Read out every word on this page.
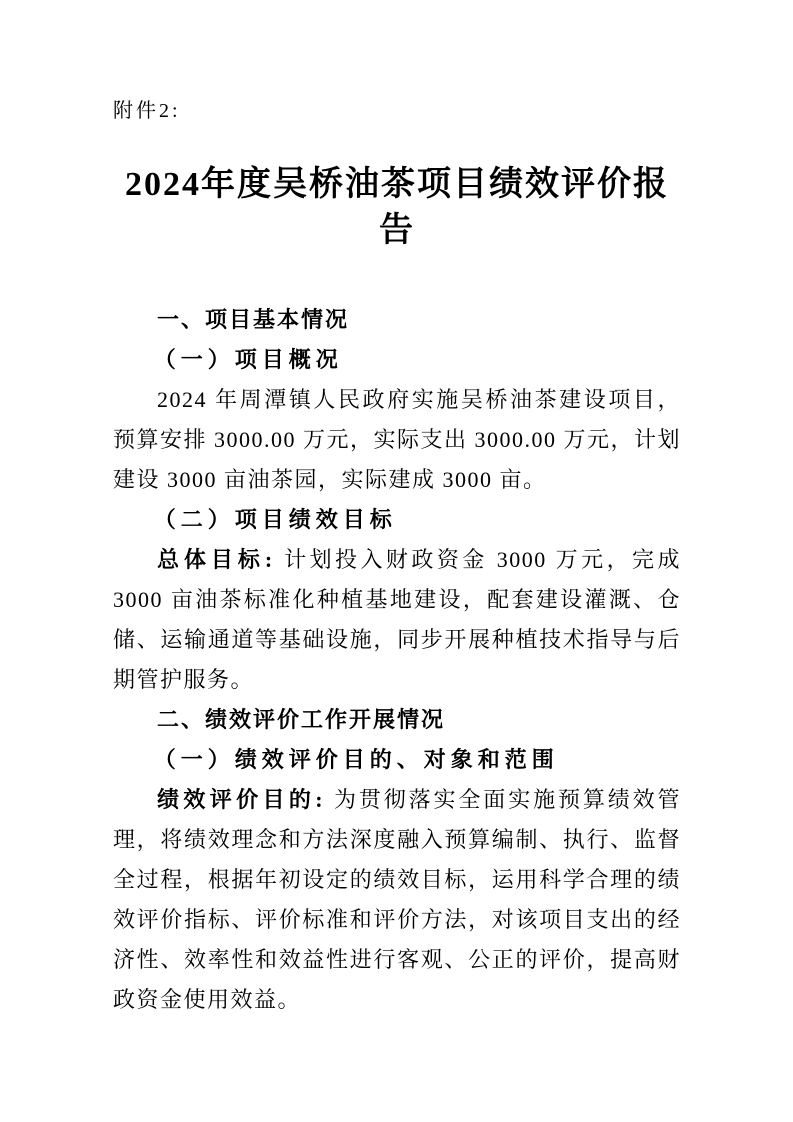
附件2:
2024年度吴桥油茶项目绩效评价报告

一、项目基本情况

（一）项目概况

2024 年周潭镇人民政府实施吴桥油茶建设项目，预算安排 3000.00 万元，实际支出 3000.00 万元，计划建设 3000 亩油茶园，实际建成 3000 亩。

（二）项目绩效目标

总体目标: 计划投入财政资金 3000 万元，完成 3000 亩油茶标准化种植基地建设，配套建设灌溉、仓储、运输通道等基础设施，同步开展种植技术指导与后期管护服务。

二、绩效评价工作开展情况

（一）绩效评价目的、对象和范围

绩效评价目的: 为贯彻落实全面实施预算绩效管理，将绩效理念和方法深度融入预算编制、执行、监督全过程，根据年初设定的绩效目标，运用科学合理的绩效评价指标、评价标准和评价方法，对该项目支出的经济性、效率性和效益性进行客观、公正的评价，提高财政资金使用效益。
